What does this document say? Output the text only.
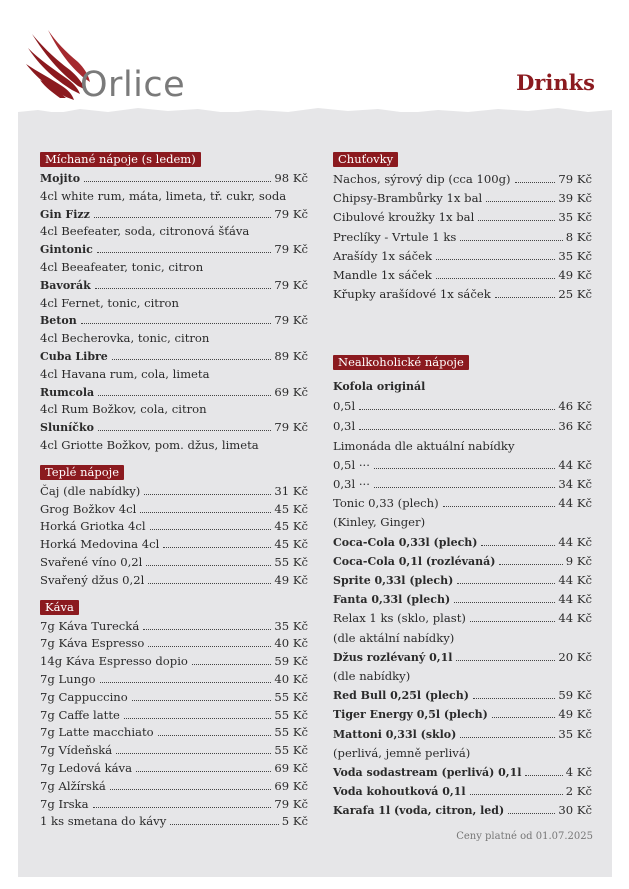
Orlice	Drinks
Míchané nápoje (s ledem)
Mojito	98 Kč
4cl white rum, máta, limeta, tř. cukr, soda
Gin Fizz	79 Kč
4cl Beefeater, soda, citronová šťáva
Gintonic	79 Kč
4cl Beeafeater, tonic, citron
Bavorák	79 Kč
4cl Fernet, tonic, citron
Beton	79 Kč
4cl Becherovka, tonic, citron
Cuba Libre	89 Kč
4cl Havana rum, cola, limeta
Rumcola	69 Kč
4cl Rum Božkov, cola, citron
Sluníčko	79 Kč
4cl Griotte Božkov, pom. džus, limeta
Teplé nápoje
Čaj (dle nabídky)	31 Kč
Grog Božkov 4cl	45 Kč
Horká Griotka 4cl	45 Kč
Horká Medovina 4cl	45 Kč
Svařené víno 0,2l	55 Kč
Svařený džus 0,2l	49 Kč
Káva
7g Káva Turecká	35 Kč
7g Káva Espresso	40 Kč
14g Káva Espresso dopio	59 Kč
7g Lungo	40 Kč
7g Cappuccino	55 Kč
7g Caffe latte	55 Kč
7g Latte macchiato	55 Kč
7g Vídeňská	55 Kč
7g Ledová káva	69 Kč
7g Alžírská	69 Kč
7g Irska	79 Kč
1 ks smetana do kávy	5 Kč
Chuťovky
Nachos, sýrový dip (cca 100g)	79 Kč
Chipsy-Brambůrky 1x bal	39 Kč
Cibulové kroužky 1x bal	35 Kč
Preclíky - Vrtule 1 ks	8 Kč
Arašídy 1x sáček	35 Kč
Mandle 1x sáček	49 Kč
Křupky arašídové 1x sáček	25 Kč
Nealkoholické nápoje
Kofola originál
0,5l	46 Kč
0,3l	36 Kč
Limonáda dle aktuální nabídky
0,5l ···	44 Kč
0,3l ···	34 Kč
Tonic 0,33 (plech)	44 Kč
(Kinley, Ginger)
Coca-Cola 0,33l (plech)	44 Kč
Coca-Cola 0,1l (rozlévaná)	9 Kč
Sprite 0,33l (plech)	44 Kč
Fanta 0,33l (plech)	44 Kč
Relax 1 ks (sklo, plast)	44 Kč
(dle aktální nabídky)
Džus rozlévaný 0,1l	20 Kč
(dle nabídky)
Red Bull 0,25l (plech)	59 Kč
Tiger Energy 0,5l (plech)	49 Kč
Mattoni 0,33l (sklo)	35 Kč
(perlivá, jemně perlivá)
Voda sodastream (perlivá) 0,1l	4 Kč
Voda kohoutková 0,1l	2 Kč
Karafa 1l (voda, citron, led)	30 Kč
Ceny platné od 01.07.2025
